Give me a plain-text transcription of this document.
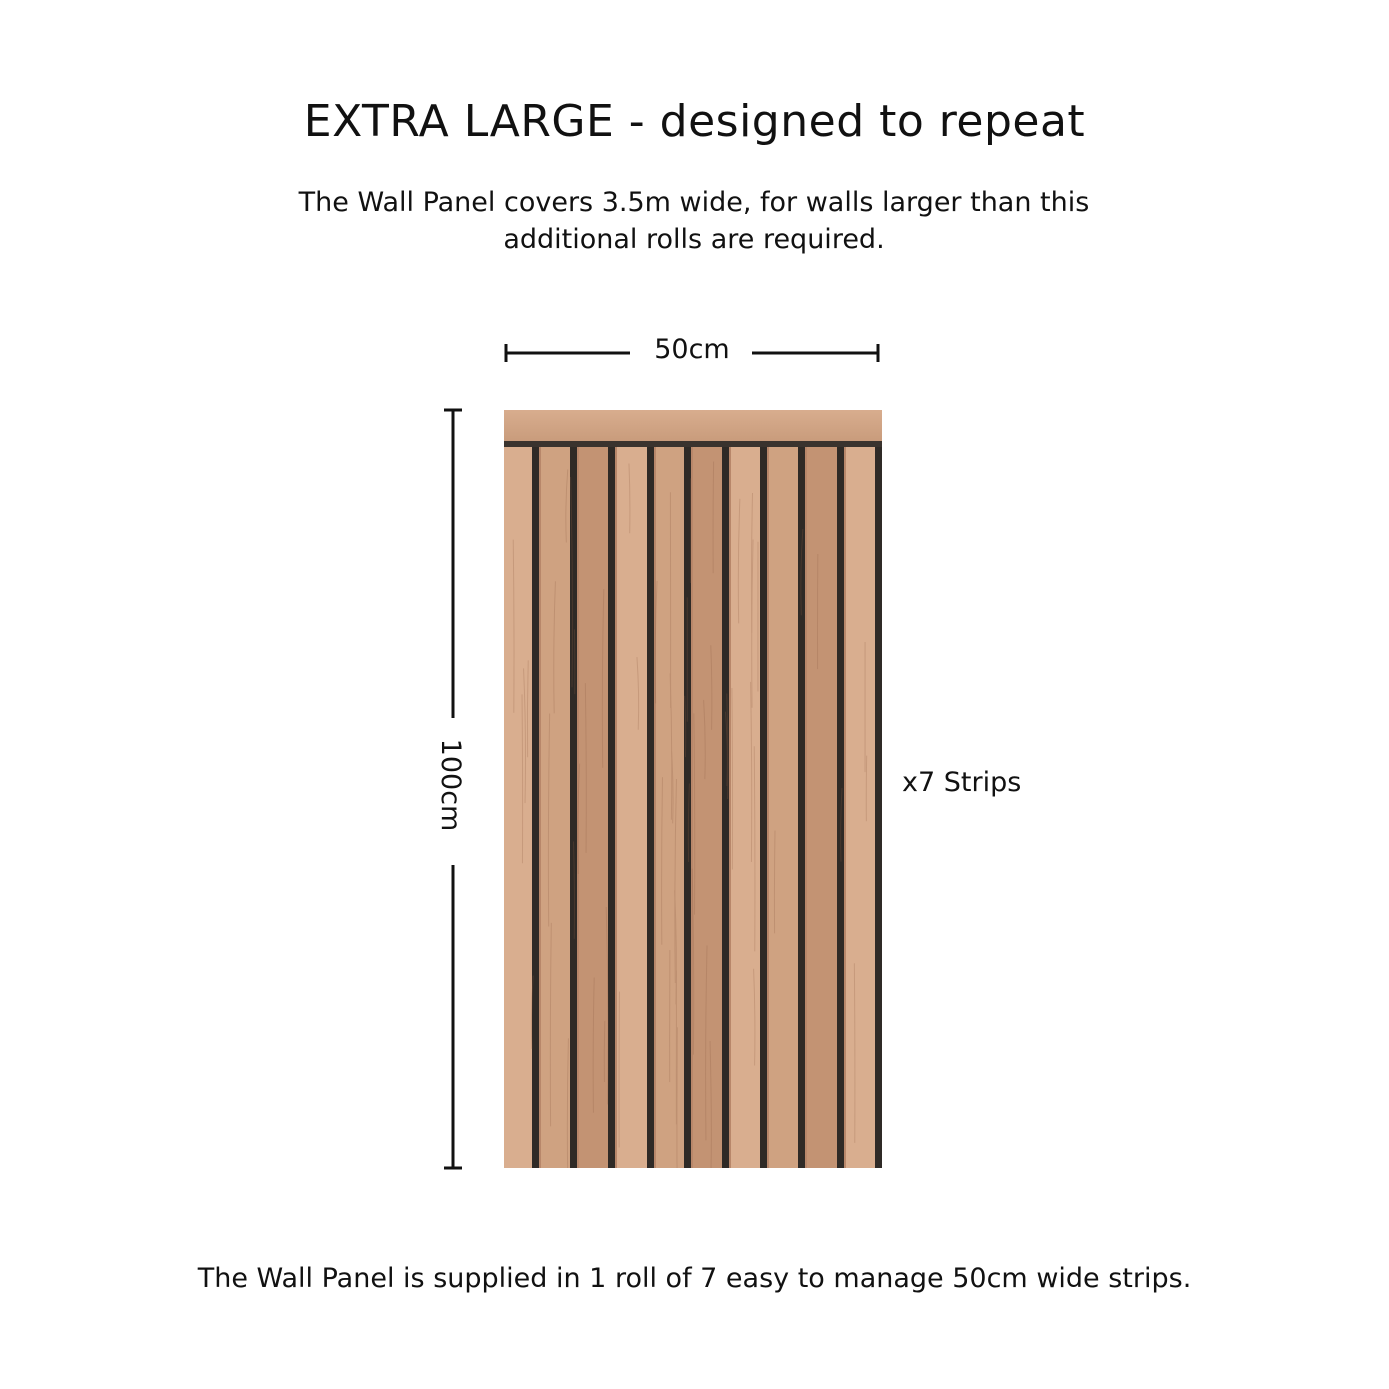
EXTRA LARGE - designed to repeat

The Wall Panel covers 3.5m wide, for walls larger than this additional rolls are required.

50cm
100cm	x7 Strips

The Wall Panel is supplied in 1 roll of 7 easy to manage 50cm wide strips.
